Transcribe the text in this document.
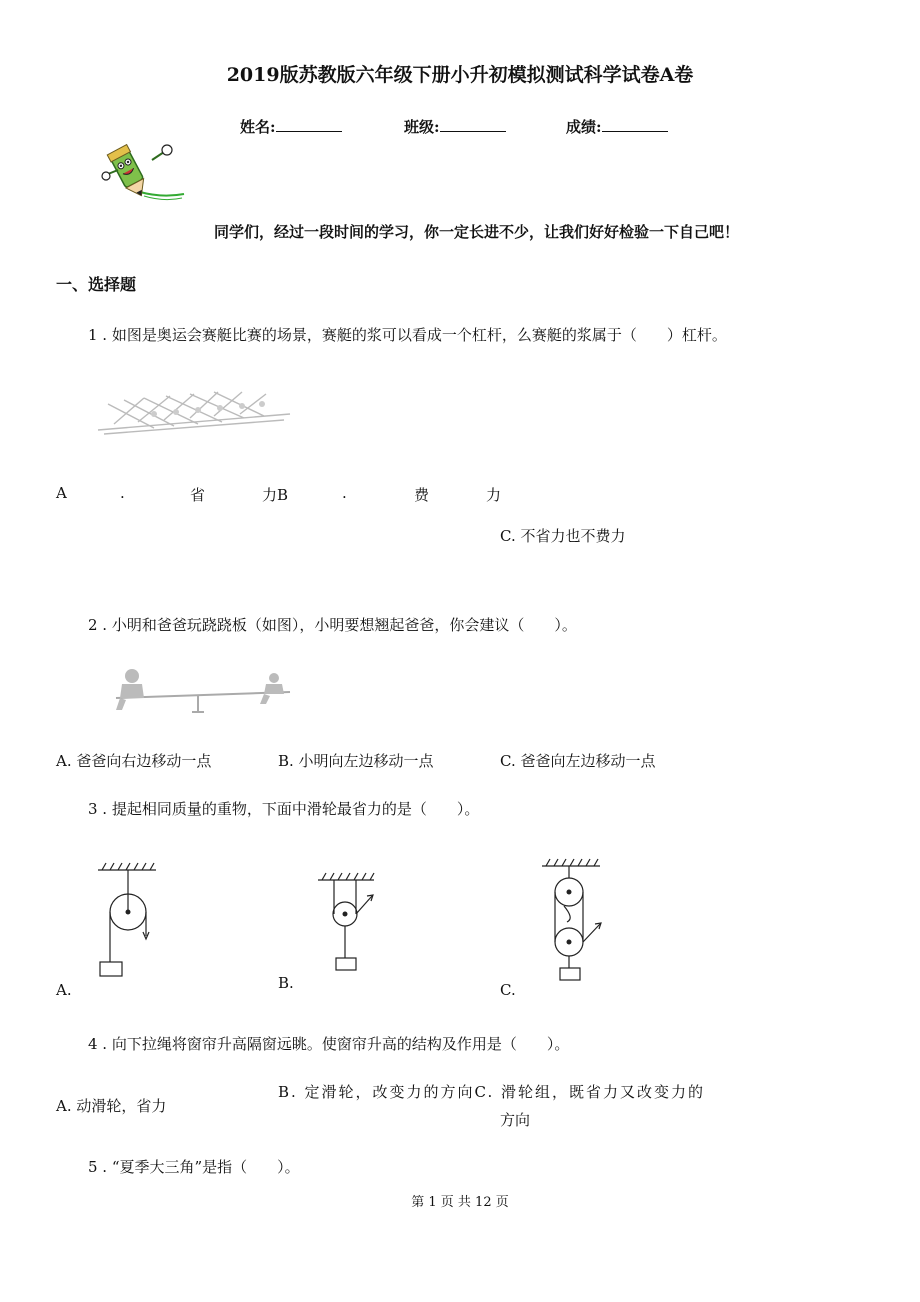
2019版苏教版六年级下册小升初模拟测试科学试卷A卷
姓名:	班级:	成绩:
同学们，经过一段时间的学习，你一定长进不少，让我们好好检验一下自己吧！
一、选择题
1 . 如图是奥运会赛艇比赛的场景，赛艇的浆可以看成一个杠杆，么赛艇的浆属于（　　）杠杆。
A	.	省	力B	.	费	力
C. 不省力也不费力
2 . 小明和爸爸玩跷跷板（如图），小明要想翘起爸爸，你会建议（　　）。
A. 爸爸向右边移动一点	B. 小明向左边移动一点	C. 爸爸向左边移动一点
3 . 提起相同质量的重物，下面中滑轮最省力的是（　　）。
A.	B.	C.
4 . 向下拉绳将窗帘升高隔窗远眺。使窗帘升高的结构及作用是（　　）。
A. 动滑轮，省力
B. 定滑轮，改变力的方向C. 滑轮组，既省力又改变力的
方向
5 . “夏季大三角”是指（　　）。
第 1 页 共 12 页
